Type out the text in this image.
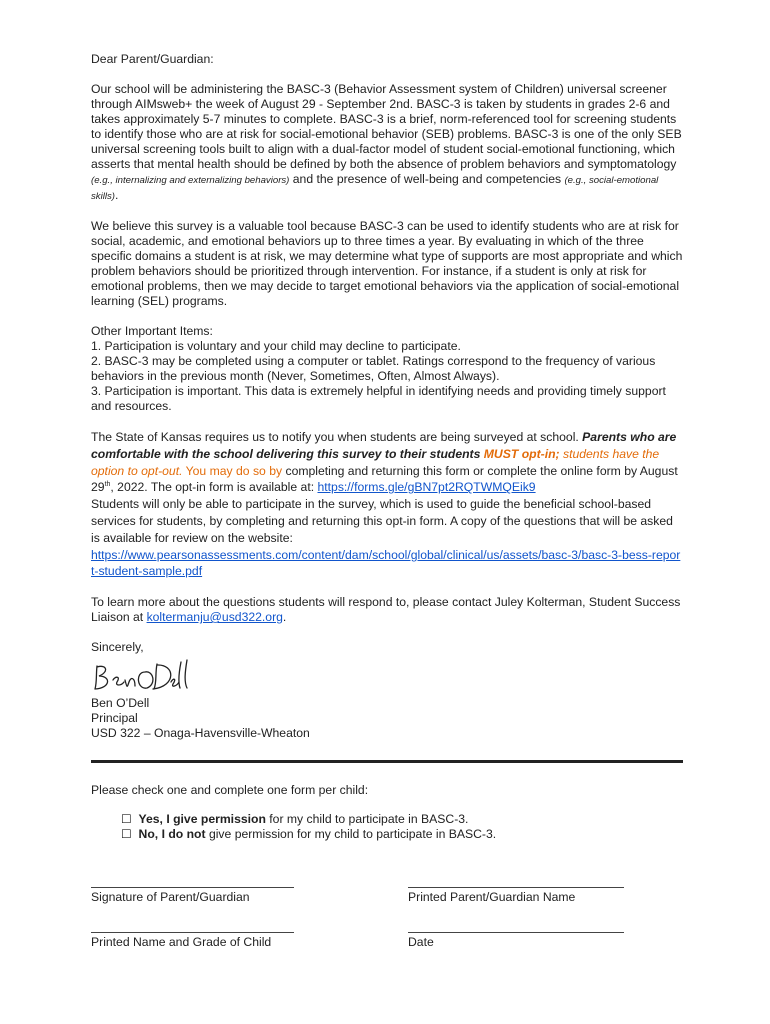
Dear Parent/Guardian:

Our school will be administering the BASC-3 (Behavior Assessment system of Children) universal screener through AIMsweb+ the week of August 29 - September 2nd. BASC-3 is taken by students in grades 2-6 and takes approximately 5-7 minutes to complete. BASC-3 is a brief, norm-referenced tool for screening students to identify those who are at risk for social-emotional behavior (SEB) problems. BASC-3 is one of the only SEB universal screening tools built to align with a dual-factor model of student social-emotional functioning, which asserts that mental health should be defined by both the absence of problem behaviors and symptomatology (e.g., internalizing and externalizing behaviors) and the presence of well-being and competencies (e.g., social-emotional skills).

We believe this survey is a valuable tool because BASC-3 can be used to identify students who are at risk for social, academic, and emotional behaviors up to three times a year. By evaluating in which of the three specific domains a student is at risk, we may determine what type of supports are most appropriate and which problem behaviors should be prioritized through intervention. For instance, if a student is only at risk for emotional problems, then we may decide to target emotional behaviors via the application of social-emotional learning (SEL) programs.

Other Important Items:

1. Participation is voluntary and your child may decline to participate.

2. BASC-3 may be completed using a computer or tablet. Ratings correspond to the frequency of various behaviors in the previous month (Never, Sometimes, Often, Almost Always).

3. Participation is important. This data is extremely helpful in identifying needs and providing timely support and resources.

The State of Kansas requires us to notify you when students are being surveyed at school. Parents who are comfortable with the school delivering this survey to their students MUST opt-in; students have the option to opt-out. You may do so by completing and returning this form or complete the online form by August 29th, 2022. The opt-in form is available at: https://forms.gle/gBN7pt2RQTWMQEik9

Students will only be able to participate in the survey, which is used to guide the beneficial school-based services for students, by completing and returning this opt-in form. A copy of the questions that will be asked is available for review on the website:

https://www.pearsonassessments.com/content/dam/school/global/clinical/us/assets/basc-3/basc-3-bess-report-student-sample.pdf

To learn more about the questions students will respond to, please contact Juley Kolterman, Student Success Liaison at koltermanju@usd322.org.

Sincerely,

Ben O’Dell

Principal

USD 322 – Onaga-Havensville-Wheaton

Please check one and complete one form per child:

☐ Yes, I give permission for my child to participate in BASC-3.

☐ No, I do not give permission for my child to participate in BASC-3.

Signature of Parent/Guardian	Printed Parent/Guardian Name
Printed Name and Grade of Child	Date
